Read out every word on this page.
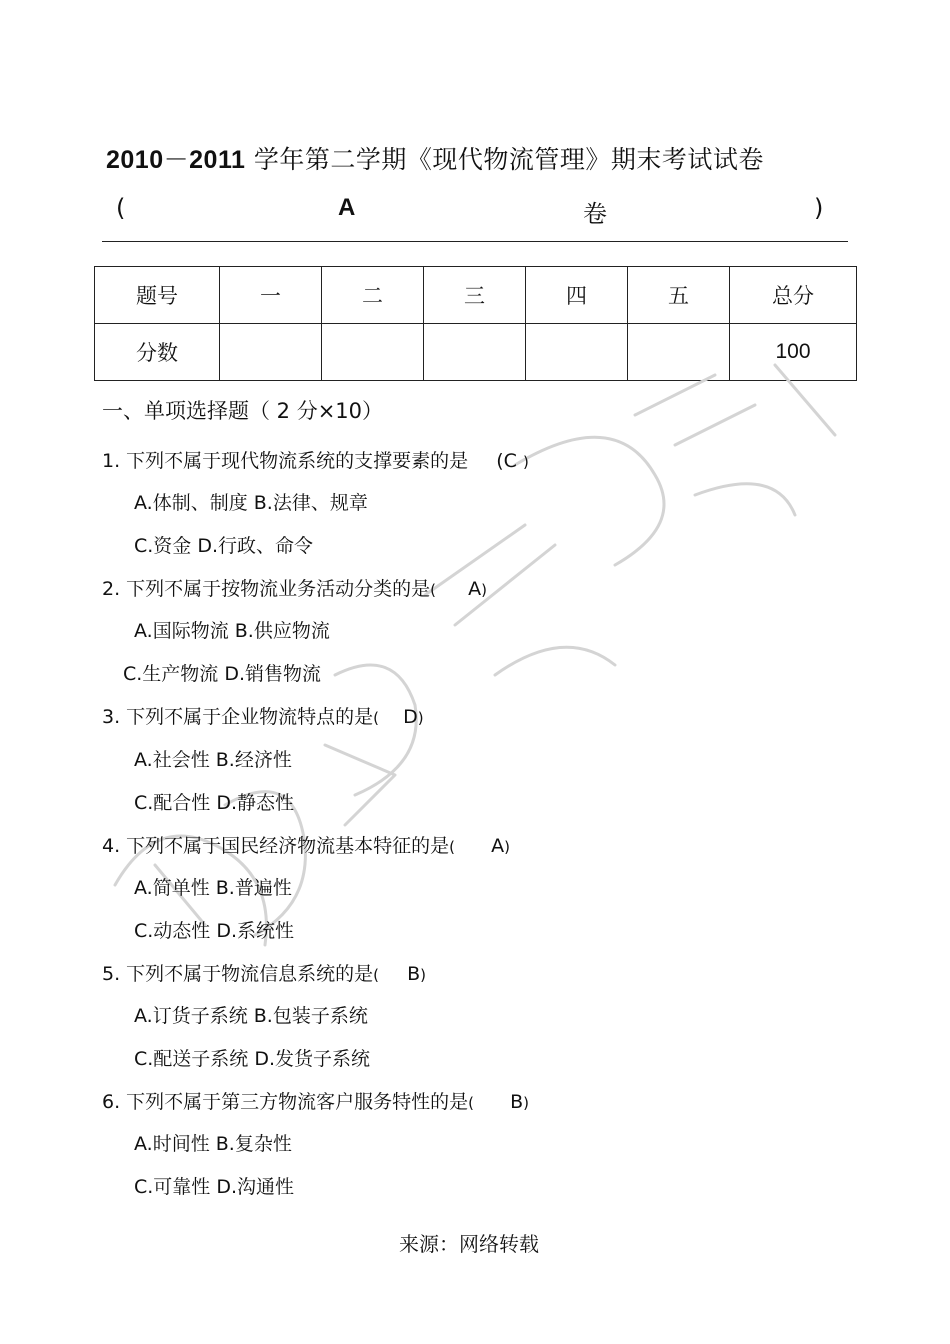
2010－2011 学年第二学期《现代物流管理》期末考试试卷
(	A	卷	)
题号	一	二	三	四	五	总分
分数						100
一、单项选择题（ 2 分×10）
1. 下列不属于现代物流系统的支撑要素的是 (C )
A.体制、制度 B.法律、规章
C.资金 D.行政、命令
2. 下列不属于按物流业务活动分类的是( A)
A.国际物流 B.供应物流
C.生产物流 D.销售物流
3. 下列不属于企业物流特点的是( D)
A.社会性 B.经济性
C.配合性 D.静态性
4. 下列不属于国民经济物流基本特征的是( A)
A.简单性 B.普遍性
C.动态性 D.系统性
5. 下列不属于物流信息系统的是( B)
A.订货子系统 B.包装子系统
C.配送子系统 D.发货子系统
6. 下列不属于第三方物流客户服务特性的是( B)
A.时间性 B.复杂性
C.可靠性 D.沟通性
来源：网络转载
